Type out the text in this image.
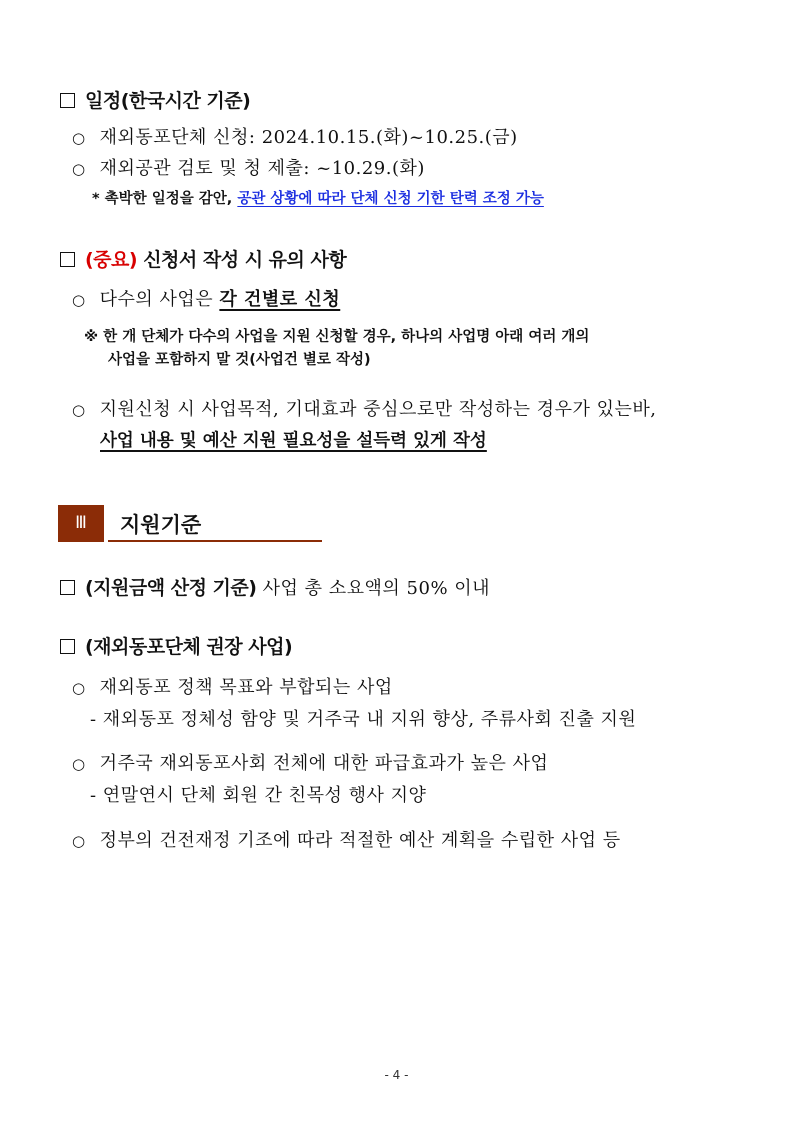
일정(한국시간 기준)
○ 재외동포단체 신청: 2024.10.15.(화)~10.25.(금)
○ 재외공관 검토 및 청 제출: ~10.29.(화)
* 촉박한 일정을 감안, 공관 상황에 따라 단체 신청 기한 탄력 조정 가능
(중요) 신청서 작성 시 유의 사항
○ 다수의 사업은 각 건별로 신청
※ 한 개 단체가 다수의 사업을 지원 신청할 경우, 하나의 사업명 아래 여러 개의
사업을 포함하지 말 것(사업건 별로 작성)
○ 지원신청 시 사업목적, 기대효과 중심으로만 작성하는 경우가 있는바,
사업 내용 및 예산 지원 필요성을 설득력 있게 작성
Ⅲ	지원기준
(지원금액 산정 기준) 사업 총 소요액의 50% 이내
(재외동포단체 권장 사업)
○ 재외동포 정책 목표와 부합되는 사업
- 재외동포 정체성 함양 및 거주국 내 지위 향상, 주류사회 진출 지원
○ 거주국 재외동포사회 전체에 대한 파급효과가 높은 사업
- 연말연시 단체 회원 간 친목성 행사 지양
○ 정부의 건전재정 기조에 따라 적절한 예산 계획을 수립한 사업 등
- 4 -
